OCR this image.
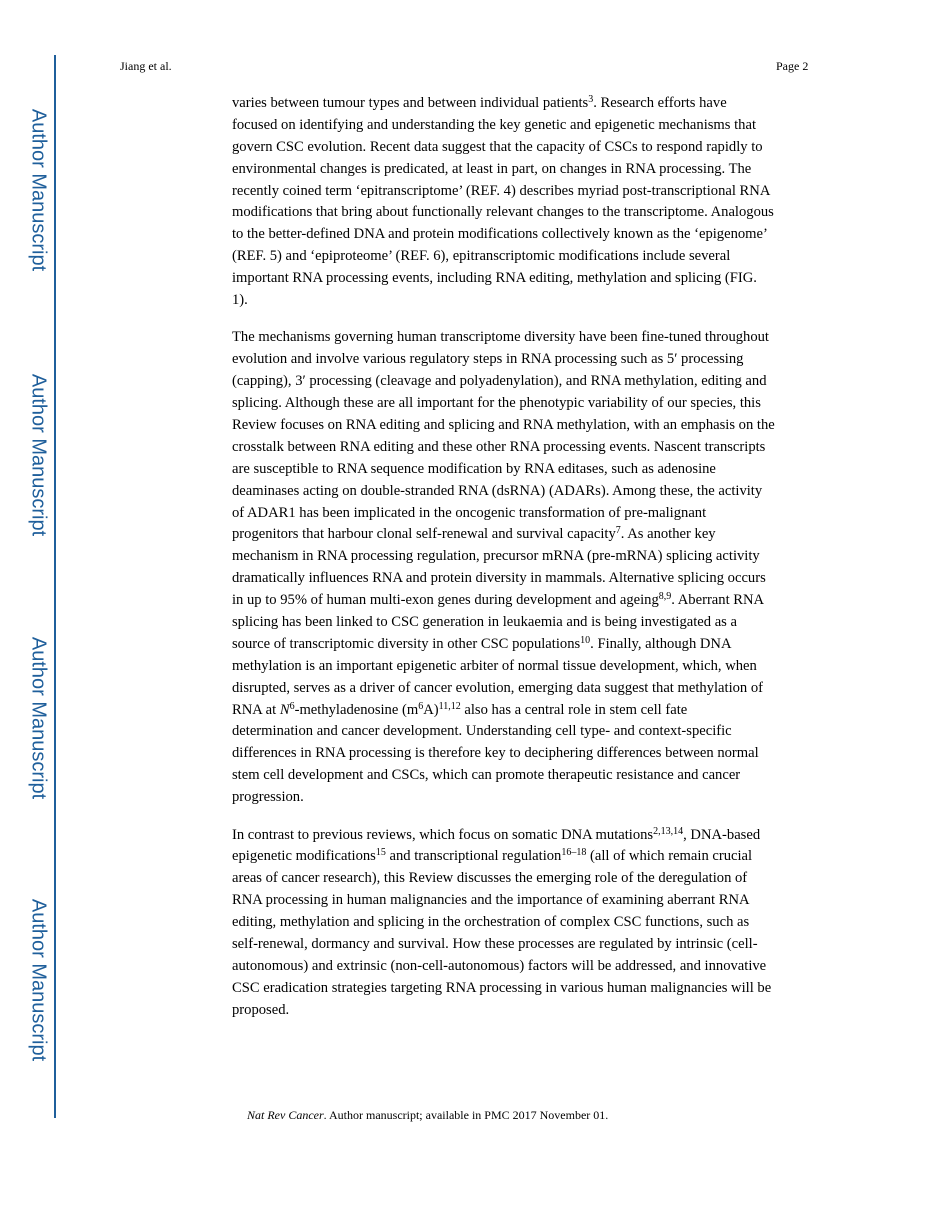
Author Manuscript
Author Manuscript
Author Manuscript
Author Manuscript
Jiang et al.	Page 2
varies between tumour types and between individual patients$^3$. Research efforts have
focused on identifying and understanding the key genetic and epigenetic mechanisms that
govern CSC evolution. Recent data suggest that the capacity of CSCs to respond rapidly to
environmental changes is predicated, at least in part, on changes in RNA processing. The
recently coined term ‘epitranscriptome’ (REF. 4) describes myriad post-transcriptional RNA
modifications that bring about functionally relevant changes to the transcriptome. Analogous
to the better-defined DNA and protein modifications collectively known as the ‘epigenome’
(REF. 5) and ‘epiproteome’ (REF. 6), epitranscriptomic modifications include several
important RNA processing events, including RNA editing, methylation and splicing (FIG.
1).
The mechanisms governing human transcriptome diversity have been fine-tuned throughout
evolution and involve various regulatory steps in RNA processing such as 5′ processing
(capping), 3′ processing (cleavage and polyadenylation), and RNA methylation, editing and
splicing. Although these are all important for the phenotypic variability of our species, this
Review focuses on RNA editing and splicing and RNA methylation, with an emphasis on the
crosstalk between RNA editing and these other RNA processing events. Nascent transcripts
are susceptible to RNA sequence modification by RNA editases, such as adenosine
deaminases acting on double-stranded RNA (dsRNA) (ADARs). Among these, the activity
of ADAR1 has been implicated in the oncogenic transformation of pre-malignant
progenitors that harbour clonal self-renewal and survival capacity$^7$. As another key
mechanism in RNA processing regulation, precursor mRNA (pre-mRNA) splicing activity
dramatically influences RNA and protein diversity in mammals. Alternative splicing occurs
in up to 95% of human multi-exon genes during development and ageing$^{8,9}$. Aberrant RNA
splicing has been linked to CSC generation in leukaemia and is being investigated as a
source of transcriptomic diversity in other CSC populations$^{10}$. Finally, although DNA
methylation is an important epigenetic arbiter of normal tissue development, which, when
disrupted, serves as a driver of cancer evolution, emerging data suggest that methylation of
RNA at $N^6$-methyladenosine $(m^6A)^{11,12}$ also has a central role in stem cell fate
determination and cancer development. Understanding cell type- and context-specific
differences in RNA processing is therefore key to deciphering differences between normal
stem cell development and CSCs, which can promote therapeutic resistance and cancer
progression.
In contrast to previous reviews, which focus on somatic DNA mutations$^{2,13,14}$, DNA-based
epigenetic modifications$^{15}$ and transcriptional regulation$^{16-18}$ (all of which remain crucial
areas of cancer research), this Review discusses the emerging role of the deregulation of
RNA processing in human malignancies and the importance of examining aberrant RNA
editing, methylation and splicing in the orchestration of complex CSC functions, such as
self-renewal, dormancy and survival. How these processes are regulated by intrinsic (cell-
autonomous) and extrinsic (non-cell-autonomous) factors will be addressed, and innovative
CSC eradication strategies targeting RNA processing in various human malignancies will be
proposed.
Nat Rev Cancer. Author manuscript; available in PMC 2017 November 01.
